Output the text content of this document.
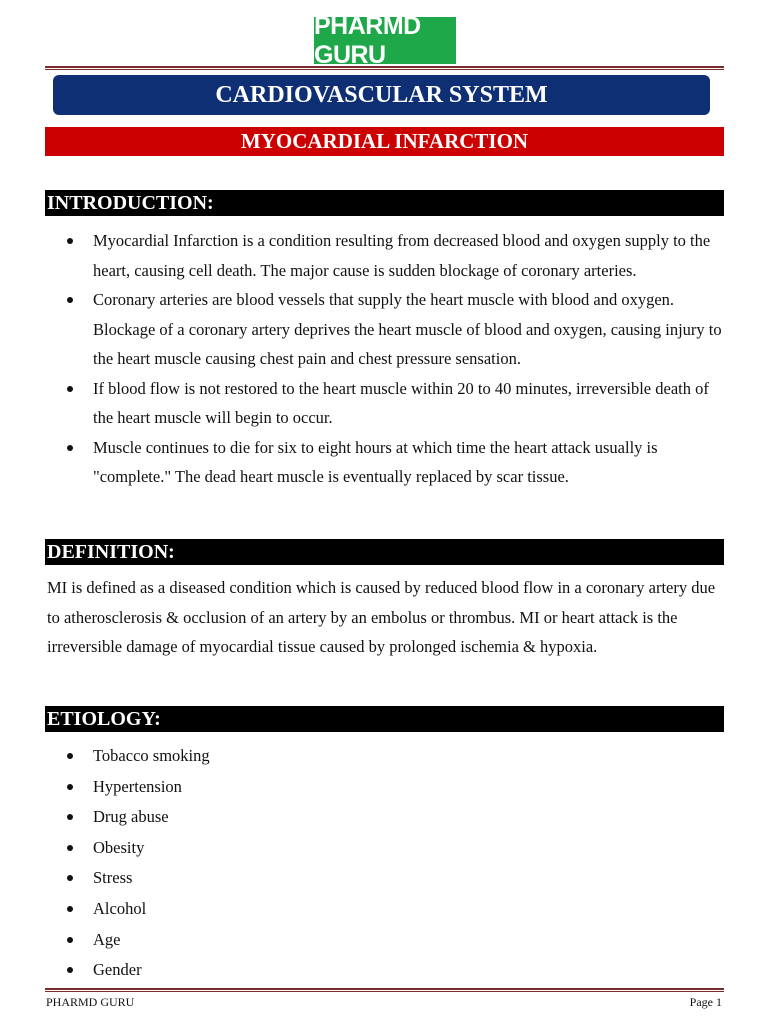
PHARMD GURU
CARDIOVASCULAR SYSTEM
MYOCARDIAL INFARCTION
INTRODUCTION:
Myocardial Infarction is a condition resulting from decreased blood and oxygen supply to the heart, causing cell death. The major cause is sudden blockage of coronary arteries.
Coronary arteries are blood vessels that supply the heart muscle with blood and oxygen. Blockage of a coronary artery deprives the heart muscle of blood and oxygen, causing injury to the heart muscle causing chest pain and chest pressure sensation.
If blood flow is not restored to the heart muscle within 20 to 40 minutes, irreversible death of the heart muscle will begin to occur.
Muscle continues to die for six to eight hours at which time the heart attack usually is "complete." The dead heart muscle is eventually replaced by scar tissue.
DEFINITION:

MI is defined as a diseased condition which is caused by reduced blood flow in a coronary artery due to atherosclerosis & occlusion of an artery by an embolus or thrombus. MI or heart attack is the irreversible damage of myocardial tissue caused by prolonged ischemia & hypoxia.

ETIOLOGY:
Tobacco smoking
Hypertension
Drug abuse
Obesity
Stress
Alcohol
Age
Gender
PHARMD GURU	Page 1
